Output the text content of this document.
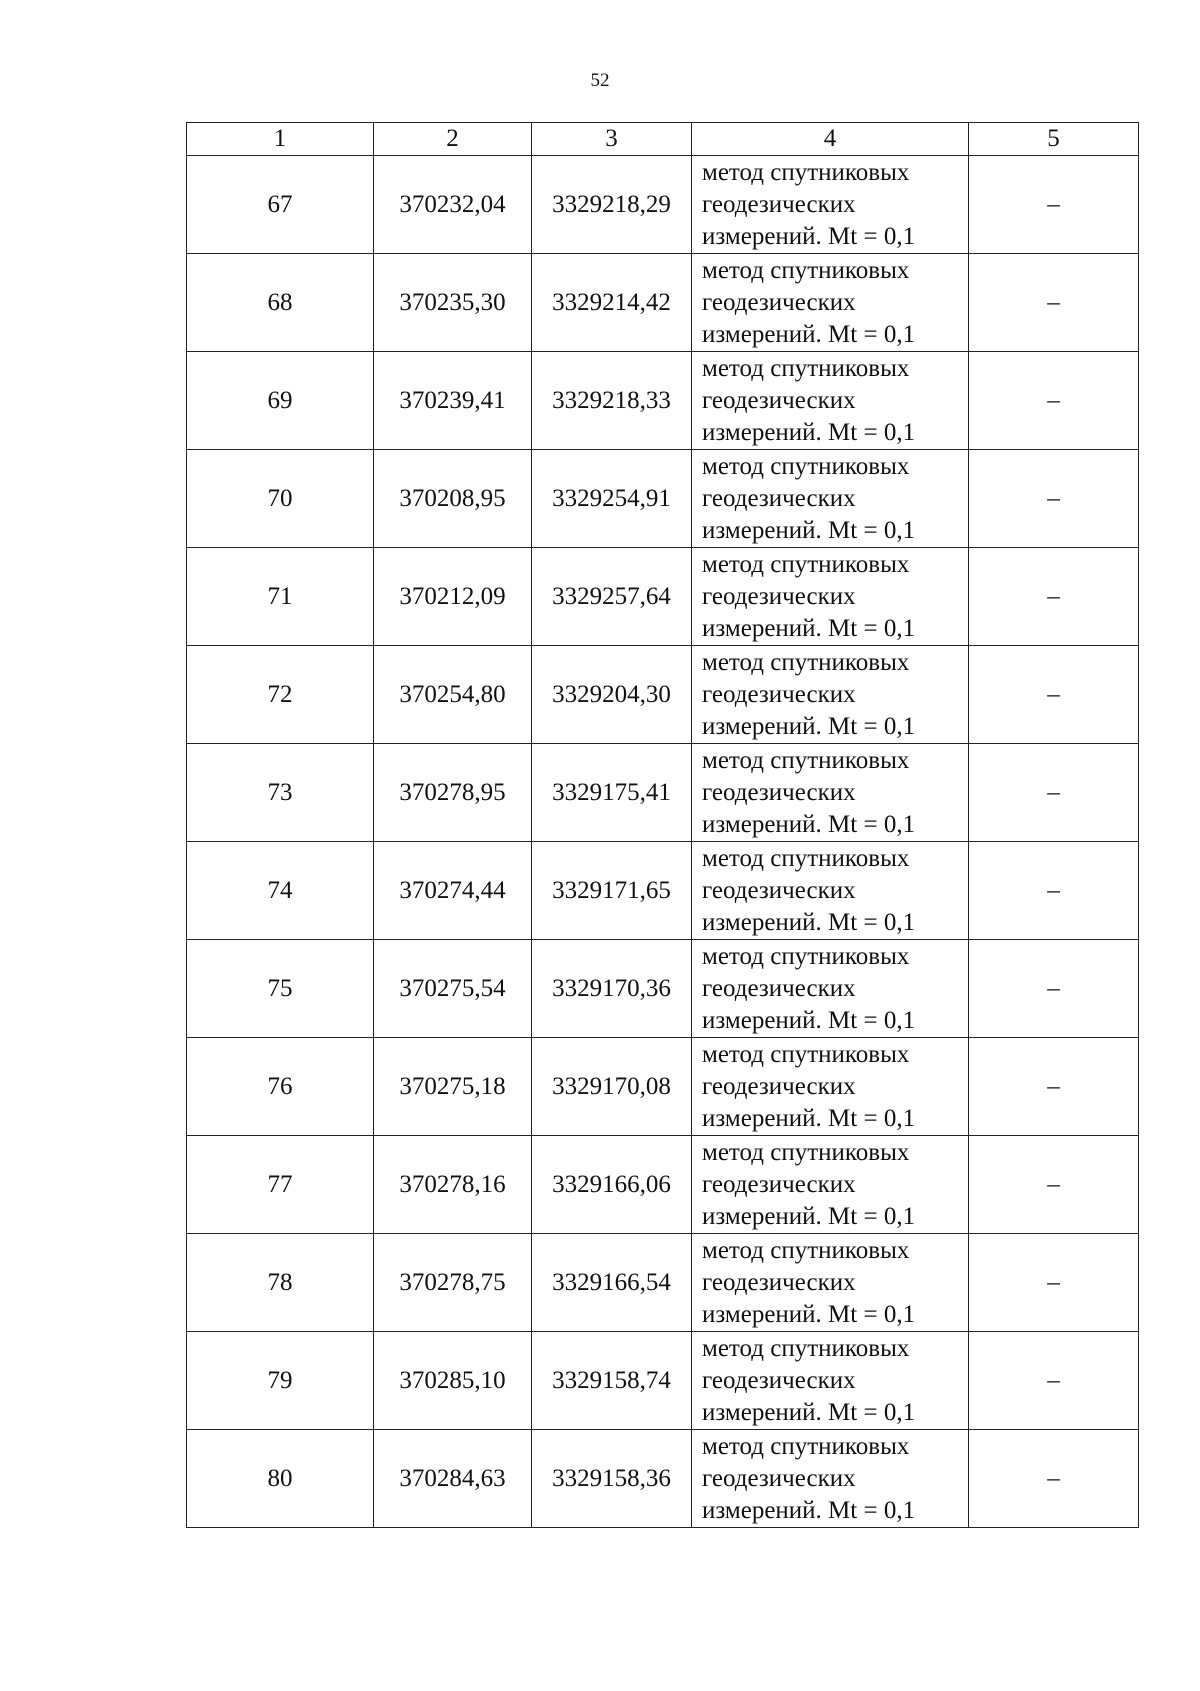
52
1	2	3	4	5
67	370232,04	3329218,29	метод спутниковых
геодезических
измерений. Mt = 0,1	–
68	370235,30	3329214,42	метод спутниковых
геодезических
измерений. Mt = 0,1	–
69	370239,41	3329218,33	метод спутниковых
геодезических
измерений. Mt = 0,1	–
70	370208,95	3329254,91	метод спутниковых
геодезических
измерений. Mt = 0,1	–
71	370212,09	3329257,64	метод спутниковых
геодезических
измерений. Mt = 0,1	–
72	370254,80	3329204,30	метод спутниковых
геодезических
измерений. Mt = 0,1	–
73	370278,95	3329175,41	метод спутниковых
геодезических
измерений. Mt = 0,1	–
74	370274,44	3329171,65	метод спутниковых
геодезических
измерений. Mt = 0,1	–
75	370275,54	3329170,36	метод спутниковых
геодезических
измерений. Mt = 0,1	–
76	370275,18	3329170,08	метод спутниковых
геодезических
измерений. Mt = 0,1	–
77	370278,16	3329166,06	метод спутниковых
геодезических
измерений. Mt = 0,1	–
78	370278,75	3329166,54	метод спутниковых
геодезических
измерений. Mt = 0,1	–
79	370285,10	3329158,74	метод спутниковых
геодезических
измерений. Mt = 0,1	–
80	370284,63	3329158,36	метод спутниковых
геодезических
измерений. Mt = 0,1	–
